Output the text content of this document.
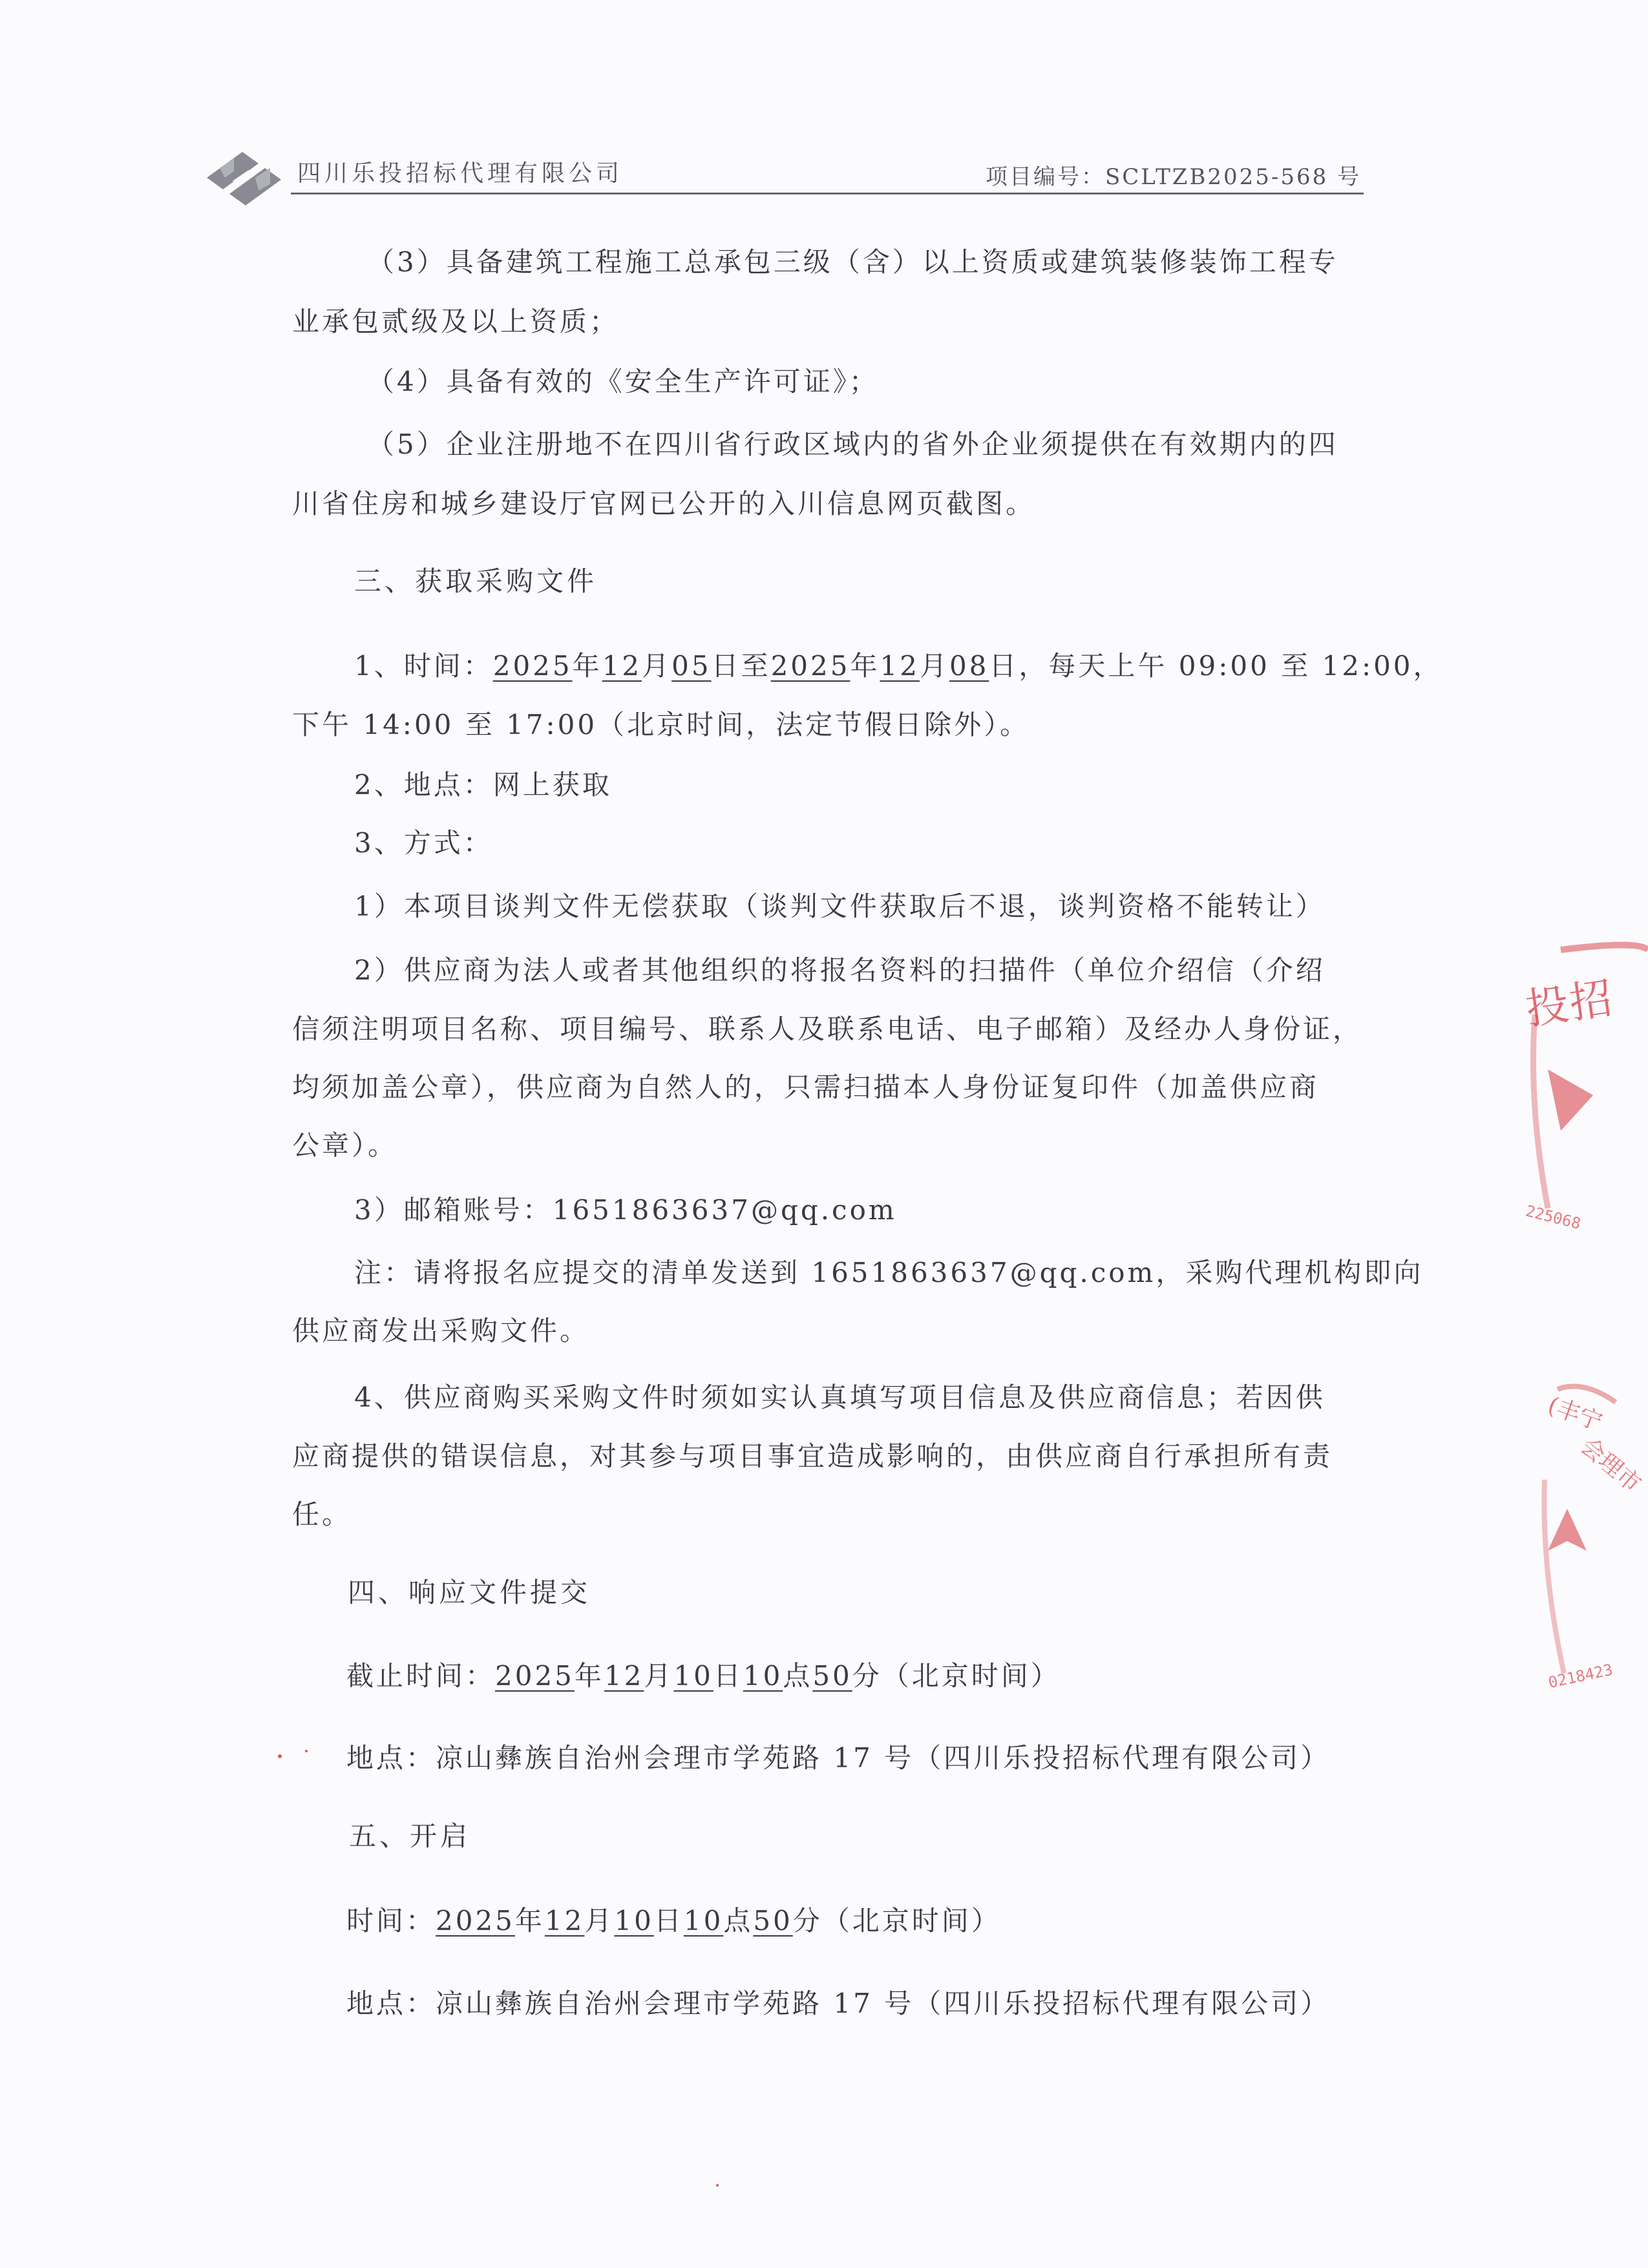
四川乐投招标代理有限公司	项目编号：SCLTZB2025-568 号
（3）具备建筑工程施工总承包三级（含）以上资质或建筑装修装饰工程专
业承包贰级及以上资质；
（4）具备有效的《安全生产许可证》；
（5）企业注册地不在四川省行政区域内的省外企业须提供在有效期内的四
川省住房和城乡建设厅官网已公开的入川信息网页截图。
三、获取采购文件
1、时间：2025年12月05日至2025年12月08日，每天上午 09:00 至 12:00，
下午 14:00 至 17:00（北京时间，法定节假日除外）。
2、地点：网上获取
3、方式：
1）本项目谈判文件无偿获取（谈判文件获取后不退，谈判资格不能转让）
2）供应商为法人或者其他组织的将报名资料的扫描件（单位介绍信（介绍
信须注明项目名称、项目编号、联系人及联系电话、电子邮箱）及经办人身份证，
均须加盖公章），供应商为自然人的，只需扫描本人身份证复印件（加盖供应商
公章）。
3）邮箱账号：1651863637@qq.com
注：请将报名应提交的清单发送到 1651863637@qq.com，采购代理机构即向
供应商发出采购文件。
4、供应商购买采购文件时须如实认真填写项目信息及供应商信息；若因供
应商提供的错误信息，对其参与项目事宜造成影响的，由供应商自行承担所有责
任。
四、响应文件提交
截止时间：2025年12月10日10点50分（北京时间）
地点：凉山彝族自治州会理市学苑路 17 号（四川乐投招标代理有限公司）
五、开启
时间：2025年12月10日10点50分（北京时间）
地点：凉山彝族自治州会理市学苑路 17 号（四川乐投招标代理有限公司）
投招
225068
(丰宁
会理市
0218423
